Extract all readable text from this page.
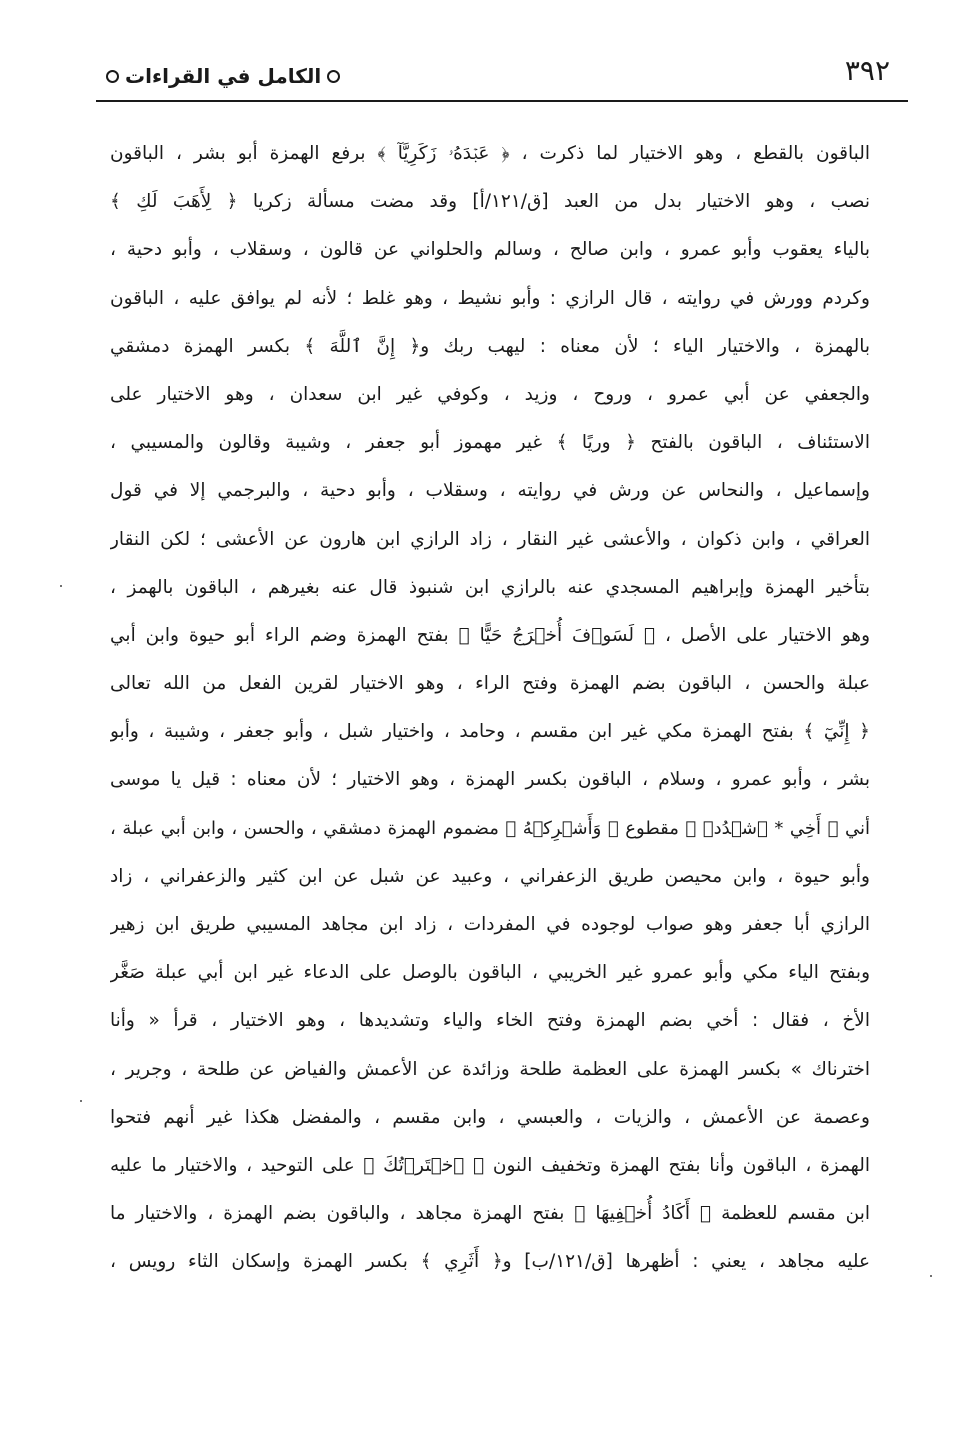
٣٩٢
الكامل في القراءات
الباقون بالقطع ، وهو الاختيار لما ذكرت ، ﴿ عَبۡدَهُۥ زَكَرِيَّآ ﴾ برفع الهمزة أبو بشر ، الباقون
نصب ، وهو الاختيار بدل من العبد [ق/١٢١/أ] وقد مضت مسألة زكريا ﴿ لِأَهَبَ لَكِ ﴾
بالياء يعقوب وأبو عمرو ، وابن صالح ، وسالم والحلواني عن قالون ، وسقلاب ، وأبو دحية ،
وكردم وورش في روايته ، قال الرازي : وأبو نشيط ، وهو غلط ؛ لأنه لم يوافق عليه ، الباقون
بالهمزة ، والاختيار الياء ؛ لأن معناه : ليهب ربك و﴿ إِنَّ ٱللَّهَ ﴾ بكسر الهمزة دمشقي
والجعفي عن أبي عمرو ، وروح ، وزيد ، وكوفي غير ابن سعدان ، وهو الاختيار على
الاستئناف ، الباقون بالفتح ﴿ وريًا ﴾ غير مهموز أبو جعفر ، وشيبة وقالون والمسيبي ،
وإسماعيل ، والنحاس عن ورش في روايته ، وسقلاب ، وأبو دحية ، والبرجمي إلا في قول
العراقي ، وابن ذكوان ، والأعشى غير النقار ، زاد الرازي ابن هارون عن الأعشى ؛ لكن النقار
بتأخير الهمزة وإبراهيم المسجدي عنه بالرازي ابن شنبوذ قال عنه بغيرهم ، الباقون بالهمز ،
وهو الاختيار على الأصل ، ﴿ لَسَوۡفَ أُخۡرَجُ حَيًّا ﴾ بفتح الهمزة وضم الراء أبو حيوة وابن أبي
عبلة والحسن ، الباقون بضم الهمزة وفتح الراء ، وهو الاختيار لقرين الفعل من الله تعالى
﴿ إِنِّيٓ ﴾ بفتح الهمزة مكي غير ابن مقسم ، وحامد ، واختيار شبل ، وأبو جعفر ، وشيبة ، وأبو
بشر ، وأبو عمرو ، وسلام ، الباقون بكسر الهمزة ، وهو الاختيار ؛ لأن معناه : قيل يا موسى
أني ﴿ أَخِي * ٱشۡدُدۡ ﴾ مقطوع ﴿ وَأَشۡرِكۡهُ ﴾ مضموم الهمزة دمشقي ، والحسن ، وابن أبي عبلة ،
وأبو حيوة ، وابن محيصن طريق الزعفراني ، وعبيد عن شبل عن ابن كثير والزعفراني ، زاد
الرازي أبا جعفر وهو صواب لوجوده في المفردات ، زاد ابن مجاهد المسيبي طريق ابن زهير
وبفتح الياء مكي وأبو عمرو غير الخريبي ، الباقون بالوصل على الدعاء غير ابن أبي عبلة صَغَّر
الأخ ، فقال : أخي بضم الهمزة وفتح الخاء والياء وتشديدها ، وهو الاختيار ، قرأ « وأنا
اخترناك » بكسر الهمزة على العظمة طلحة وزائدة عن الأعمش والفياض عن طلحة ، وجرير ،
وعصمة عن الأعمش ، والزيات ، والعبسي ، وابن مقسم ، والمفضل هكذا غير أنهم فتحوا
الهمزة ، الباقون وأنا بفتح الهمزة وتخفيف النون ﴿ ٱخۡتَرۡتُكَ ﴾ على التوحيد ، والاختيار ما عليه
ابن مقسم للعظمة ﴿ أَكَادُ أُخۡفِيهَا ﴾ بفتح الهمزة مجاهد ، والباقون بضم الهمزة ، والاختيار ما
عليه مجاهد ، يعني : أظهرها [ق/١٢١/ب] و﴿ أَثَرِي ﴾ بكسر الهمزة وإسكان الثاء رويس ،
